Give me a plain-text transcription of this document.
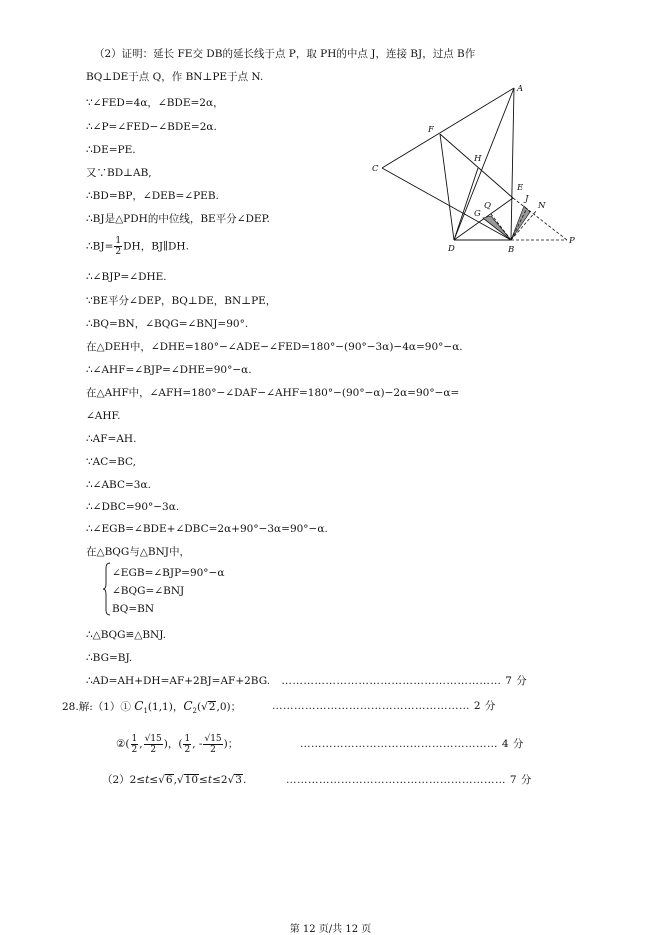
（2）证明：延长 FE交 DB的延长线于点 P，取 PH的中点 J，连接 BJ，过点 B作
BQ⊥DE于点 Q，作 BN⊥PE于点 N.
∵∠FED=4α，∠BDE=2α，
∴∠P=∠FED−∠BDE=2α.
∴DE=PE.
又∵BD⊥AB,
∴BD=BP，∠DEB=∠PEB.
∴BJ是△PDH的中位线，BE平分∠DEP.
∴BJ= $\frac{1}{2}$ DH，BJ∥DH.
∴∠BJP=∠DHE.
∵BE平分∠DEP，BQ⊥DE，BN⊥PE，
∴BQ=BN，∠BQG=∠BNJ=90°.
在△DEH中，∠DHE=180°−∠ADE−∠FED=180°−(90°−3α)−4α=90°−α.
∴∠AHF=∠BJP=∠DHE=90°−α.
在△AHF中，∠AFH=180°−∠DAF−∠AHF=180°−(90°−α)−2α=90°−α=
∠AHF.
∴AF=AH.
∵AC=BC,
∴∠ABC=3α.
∴∠DBC=90°−3α.
∴∠EGB=∠BDE+∠DBC=2α+90°−3α=90°−α.
在△BQG与△BNJ中，
∠EGB=∠BJP=90°−α
∠BQG=∠BNJ
BQ=BN
∴△BQG≌△BNJ.
∴BG=BJ.
∴AD=AH+DH=AF+2BJ=AF+2BG. …………………………………………………… 7 分
28.解:（1）① $C_1(1,1)$，$C_2(√2,0)$；	……………………………………………… 2 分
②( $\frac{1}{2}$ , $\frac{√15}{2}$ )，( $\frac{1}{2}$ , - $\frac{√15}{2}$ )；	……………………………………………… 4 分
（2）2≤t≤√6,√10≤t≤2√3.	…………………………………………………… 7 分
A
F
C
H
E
J
N
G
Q
D	B
P
第 12 页/共 12 页
